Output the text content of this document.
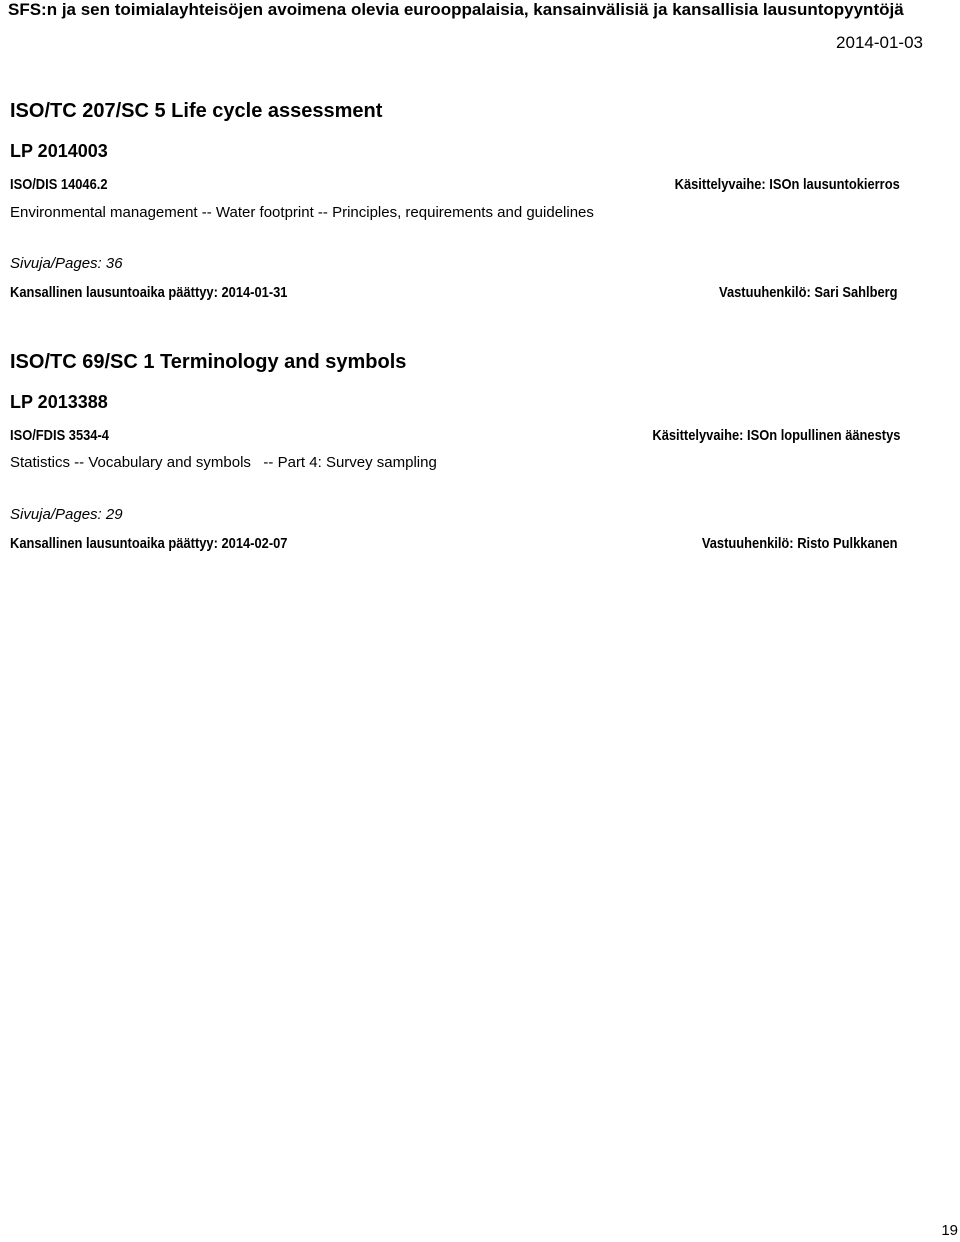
SFS:n ja sen toimialayhteisöjen avoimena olevia eurooppalaisia, kansainvälisiä ja kansallisia lausuntopyyntöjä
2014-01-03
ISO/TC 207/SC 5 Life cycle assessment
LP 2014003
ISO/DIS 14046.2	Käsittelyvaihe: ISOn lausuntokierros
Environmental management -- Water footprint -- Principles, requirements and guidelines
Sivuja/Pages: 36
Kansallinen lausuntoaika päättyy: 2014-01-31	Vastuuhenkilö: Sari Sahlberg
ISO/TC 69/SC 1 Terminology and symbols
LP 2013388
ISO/FDIS 3534-4	Käsittelyvaihe: ISOn lopullinen äänestys
Statistics -- Vocabulary and symbols   -- Part 4: Survey sampling
Sivuja/Pages: 29
Kansallinen lausuntoaika päättyy: 2014-02-07	Vastuuhenkilö: Risto Pulkkanen
19
